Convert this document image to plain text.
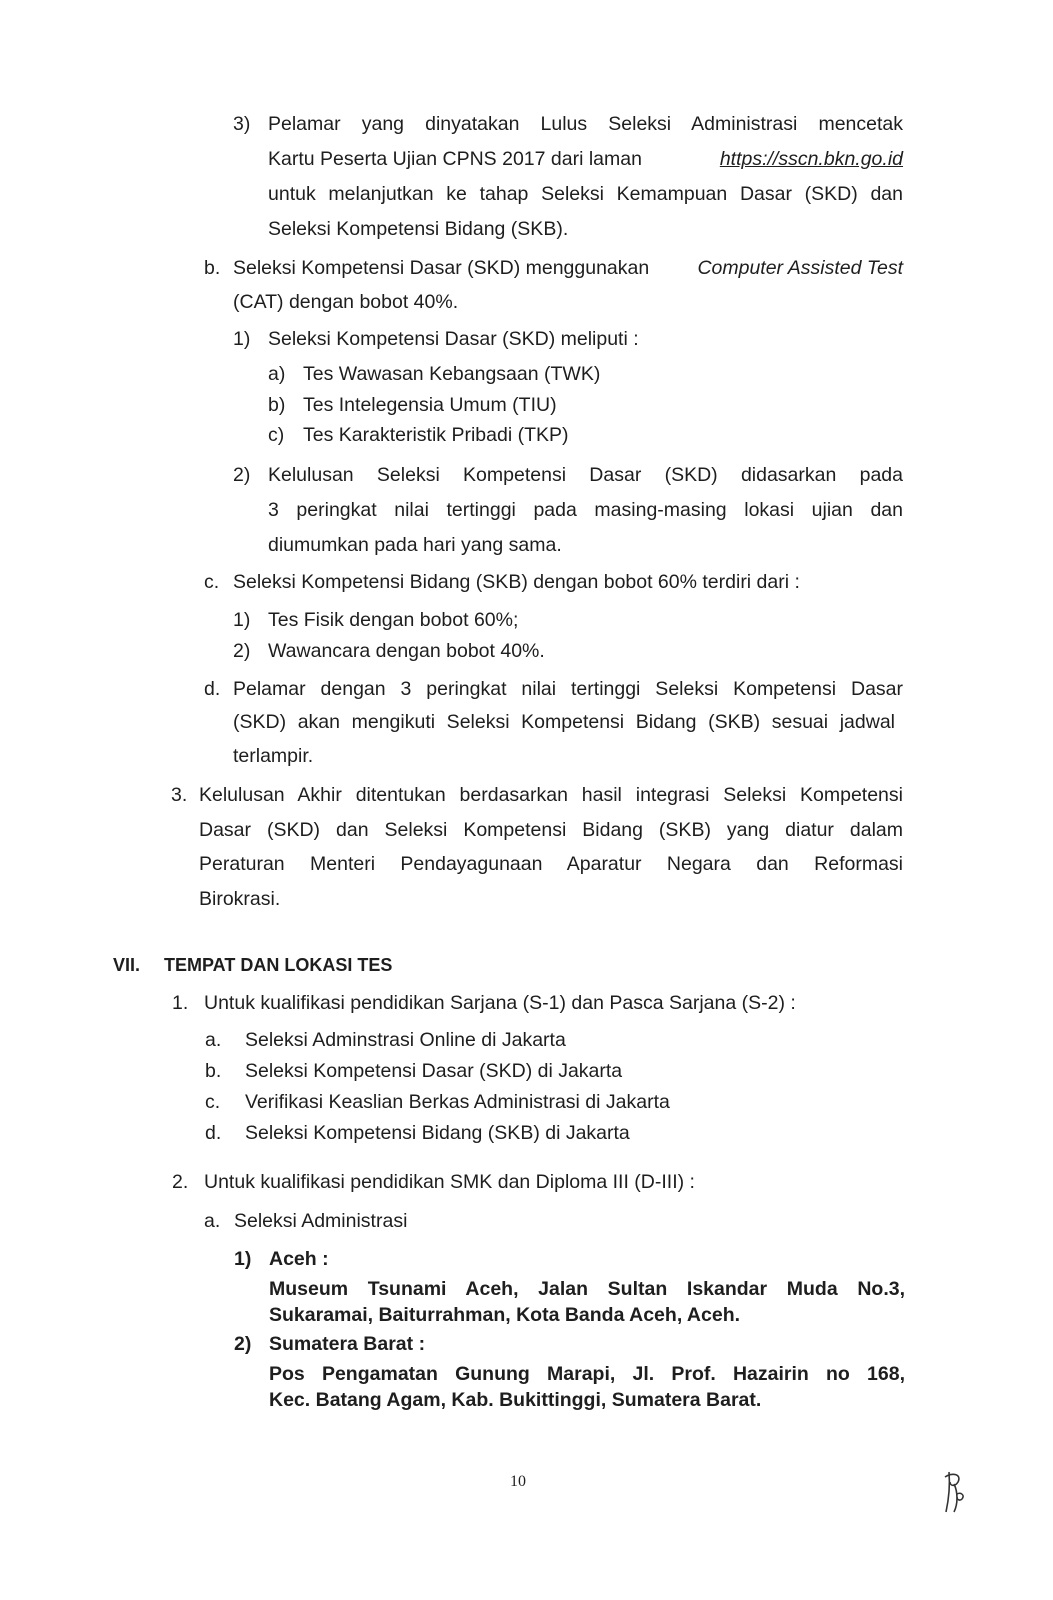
3) Pelamar yang dinyatakan Lulus Seleksi Administrasi mencetak
Kartu Peserta Ujian CPNS 2017 dari laman	https://sscn.bkn.go.id
untuk melanjutkan ke tahap Seleksi Kemampuan Dasar (SKD) dan
Seleksi Kompetensi Bidang (SKB).
b. Seleksi Kompetensi Dasar (SKD) menggunakan Computer Assisted Test
(CAT) dengan bobot 40%.
1) Seleksi Kompetensi Dasar (SKD) meliputi :
a) Tes Wawasan Kebangsaan (TWK)
b) Tes Intelegensia Umum (TIU)
c) Tes Karakteristik Pribadi (TKP)
2) Kelulusan Seleksi Kompetensi Dasar (SKD) didasarkan pada
3 peringkat nilai tertinggi pada masing-masing lokasi ujian dan
diumumkan pada hari yang sama.
c. Seleksi Kompetensi Bidang (SKB) dengan bobot 60% terdiri dari :
1) Tes Fisik dengan bobot 60%;
2) Wawancara dengan bobot 40%.
d. Pelamar dengan 3 peringkat nilai tertinggi Seleksi Kompetensi Dasar
(SKD) akan mengikuti Seleksi Kompetensi Bidang (SKB) sesuai jadwal
terlampir.
3. Kelulusan Akhir ditentukan berdasarkan hasil integrasi Seleksi Kompetensi
Dasar (SKD) dan Seleksi Kompetensi Bidang (SKB) yang diatur dalam
Peraturan Menteri Pendayagunaan Aparatur Negara dan Reformasi
Birokrasi.
VII. TEMPAT DAN LOKASI TES
1. Untuk kualifikasi pendidikan Sarjana (S-1) dan Pasca Sarjana (S-2) :
a. Seleksi Adminstrasi Online di Jakarta
b. Seleksi Kompetensi Dasar (SKD) di Jakarta
c. Verifikasi Keaslian Berkas Administrasi di Jakarta
d. Seleksi Kompetensi Bidang (SKB) di Jakarta
2. Untuk kualifikasi pendidikan SMK dan Diploma III (D-III) :
a. Seleksi Administrasi
1) Aceh :
Museum Tsunami Aceh, Jalan Sultan Iskandar Muda No.3,
Sukaramai, Baiturrahman, Kota Banda Aceh, Aceh.
2) Sumatera Barat :
Pos Pengamatan Gunung Marapi, Jl. Prof. Hazairin no 168,
Kec. Batang Agam, Kab. Bukittinggi, Sumatera Barat.
10
